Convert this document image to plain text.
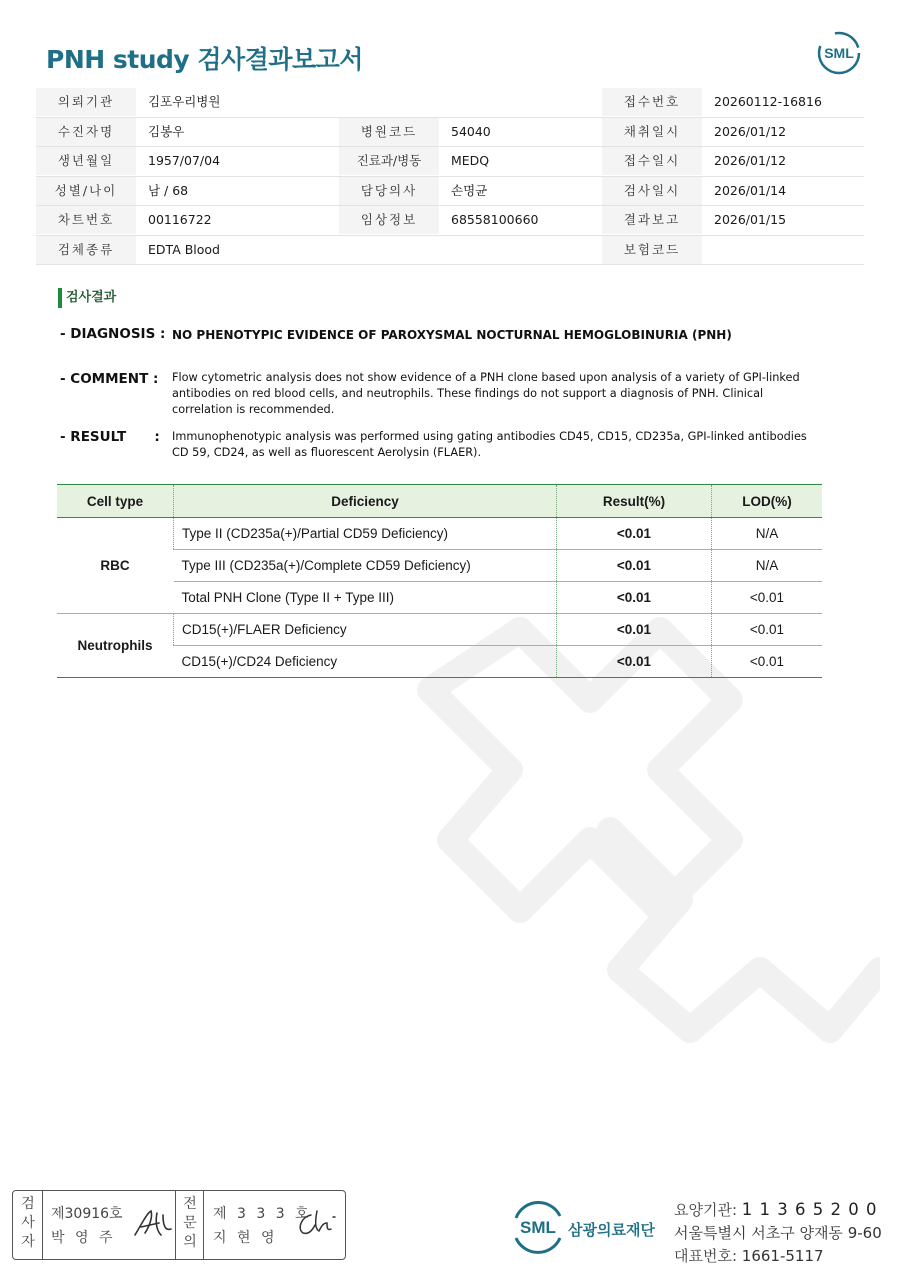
PNH study 검사결과보고서	SML
의뢰기관	김포우리병원	접수번호	20260112-16816
수진자명	김봉우	병원코드	54040	채취일시	2026/01/12
생년월일	1957/07/04	진료과/병동	MEDQ	접수일시	2026/01/12
성별/나이	남 / 68	담당의사	손명균	검사일시	2026/01/14
차트번호	00116722	임상정보	68558100660	결과보고	2026/01/15
검체종류	EDTA Blood	보험코드
검사결과
- DIAGNOSIS : NO PHENOTYPIC EVIDENCE OF PAROXYSMAL NOCTURNAL HEMOGLOBINURIA (PNH)
- COMMENT : Flow cytometric analysis does not show evidence of a PNH clone based upon analysis of a variety of GPI-linked antibodies on red blood cells, and neutrophils. These findings do not support a diagnosis of PNH. Clinical correlation is recommended.
- RESULT      : Immunophenotypic analysis was performed using gating antibodies CD45, CD15, CD235a, GPI-linked antibodies CD 59, CD24, as well as fluorescent Aerolysin (FLAER).
Cell type	Deficiency	Result(%)	LOD(%)
RBC	Type II (CD235a(+)/Partial CD59 Deficiency)	<0.01	N/A
	Type III (CD235a(+)/Complete CD59 Deficiency)	<0.01	N/A
	Total PNH Clone (Type II + Type III)	<0.01	<0.01
Neutrophils	CD15(+)/FLAER Deficiency	<0.01	<0.01
	CD15(+)/CD24 Deficiency	<0.01	<0.01
검
사
자
제30916호
박 영 주
전
문
의
제 3 3 3 호
지 현 영
SML 삼광의료재단
요양기관: 1 1 3 6 5 2 0 0
서울특별시 서초구 양재동 9-60
대표번호: 1661-5117
